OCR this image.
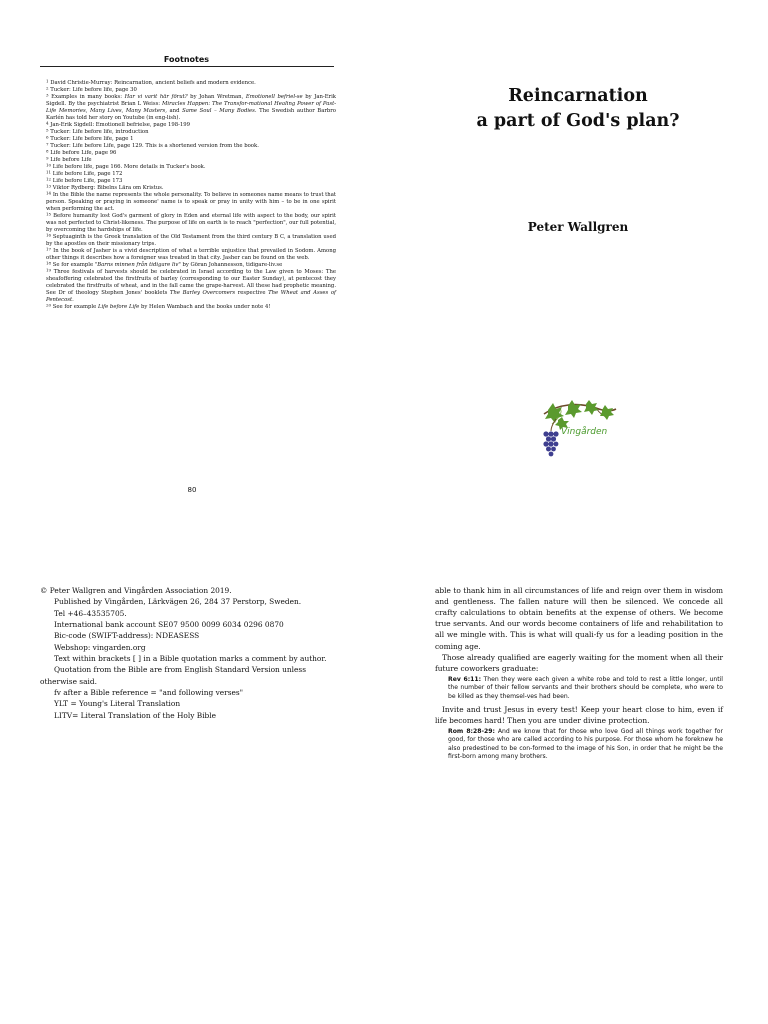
Footnotes

$^1$ David Christie-Murray: Reincarnation, ancient beliefs and modern evidence.

$^2$ Tucker: Life before life, page 30

$^3$ Examples in many books: Har vi varit här förut? by Johan Wretman, Emotionell befriel-se by Jan-Erik Sigdell. By the psychiatrist Brian L Weiss: Miracles Happen: The Transfor-mational Healing Power of Past-Life Memories, Many Lives, Many Masters, and Same Soul – Many Bodies. The Swedish author Barbro Karlén has told her story on Youtube (in eng-lish).

$^4$ Jan-Erik Sigdell: Emotionell befrielse, page 198-199

$^5$ Tucker: Life before life, introduction

$^6$ Tucker: Life before life, page 1

$^7$ Tucker: Life before Life, page 129. This is a shortened version from the book.

$^8$ Life before Life, page 96

$^9$ Life before Life

$^{10}$ Life before life, page 166. More details in Tucker's book.

$^{11}$ Life before Life, page 172

$^{12}$ Life before Life, page 173

$^{13}$ Viktor Rydberg: Bibelns Lära om Kristus.

$^{14}$ In the Bible the name represents the whole personality. To believe in someones name means to trust that person. Speaking or praying in someone' name is to speak or pray in unity with him – to be in one spirit when performing the act.

$^{15}$ Before humanity lost God's garment of glory in Eden and eternal life with aspect to the body, our spirit was not perfected to Christ-likeness. The purpose of life on earth is to reach "perfection", our full potential, by overcoming the hardships of life.

$^{16}$ Septuaginth is the Greek translation of the Old Testament from the third century B C, a translation used by the apostles on their missionary trips.

$^{17}$ In the book of Jasher is a vivid description of what a terrible unjustice that prevailed in Sodom. Among other things it describes how a foreigner was treated in that city. Jasher can be found on the web.

$^{18}$ Se for example "Barns minnen från tidigare liv" by Göran Johannesson, tidigare-liv.se

$^{19}$ Three festivals of harvests should be celebrated in Israel according to the Law given to Moses: The sheafoffering celebrated the firstfruits of barley (corresponding to our Easter Sunday), at pentecost they celebrated the firstfruits of wheat, and in the fall came the grape-harvest. All these had prophetic meaning. See Dr of theology Stephen Jones' booklets The Barley Overcomers respective The Wheat and Asses of Pentecost.

$^{20}$ See for example Life before Life by Helen Wambach and the books under note 4!

80
Reincarnation
a part of God's plan?
Peter Wallgren
Vingården

© Peter Wallgren and Vingården Association 2019.

Published by Vingården, Lärkvägen 26, 284 37 Perstorp, Sweden.

Tel +46–43535705.

International bank account SE07 9500 0099 6034 0296 0870

Bic-code (SWIFT-address): NDEASESS

Webshop: vingarden.org

Text within brackets [ ] in a Bible quotation marks a comment by author.

Quotation from the Bible are from English Standard Version unless otherwise said.

fv after a Bible reference = "and following verses"

YLT = Young's Literal Translation

LITV= Literal Translation of the Holy Bible

able to thank him in all circumstances of life and reign over them in wisdom and gentleness. The fallen nature will then be silenced. We concede all crafty calculations to obtain benefits at the expense of others. We become true servants. And our words become containers of life and rehabilitation to all we mingle with. This is what will quali-fy us for a leading position in the coming age.

Those already qualified are eagerly waiting for the moment when all their future coworkers graduate:

Rev 6:11: Then they were each given a white robe and told to rest a little longer, until the number of their fellow servants and their brothers should be complete, who were to be killed as they themsel-ves had been.

Invite and trust Jesus in every test! Keep your heart close to him, even if life becomes hard! Then you are under divine protection.

Rom 8:28-29: And we know that for those who love God all things work together for good, for those who are called according to his purpose. For those whom he foreknew he also predestined to be con-formed to the image of his Son, in order that he might be the first-born among many brothers.
